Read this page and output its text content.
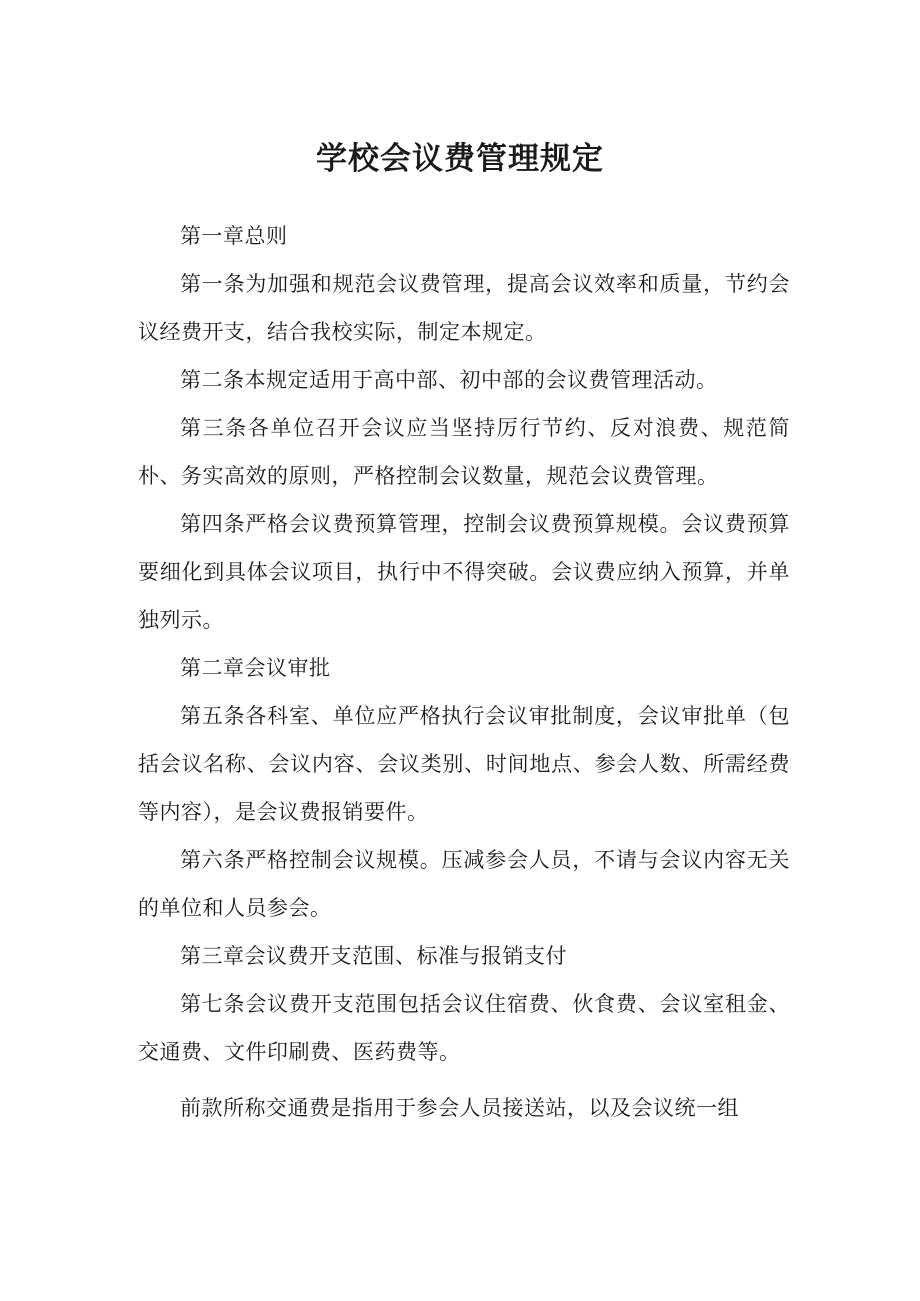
学校会议费管理规定

第一章总则

第一条为加强和规范会议费管理，提高会议效率和质量，节约会议经费开支，结合我校实际，制定本规定。

第二条本规定适用于高中部、初中部的会议费管理活动。

第三条各单位召开会议应当坚持厉行节约、反对浪费、规范简朴、务实高效的原则，严格控制会议数量，规范会议费管理。

第四条严格会议费预算管理，控制会议费预算规模。会议费预算要细化到具体会议项目，执行中不得突破。会议费应纳入预算，并单独列示。

第二章会议审批

第五条各科室、单位应严格执行会议审批制度，会议审批单（包括会议名称、会议内容、会议类别、时间地点、参会人数、所需经费等内容），是会议费报销要件。

第六条严格控制会议规模。压减参会人员，不请与会议内容无关的单位和人员参会。

第三章会议费开支范围、标准与报销支付

第七条会议费开支范围包括会议住宿费、伙食费、会议室租金、交通费、文件印刷费、医药费等。

前款所称交通费是指用于参会人员接送站，以及会议统一组
